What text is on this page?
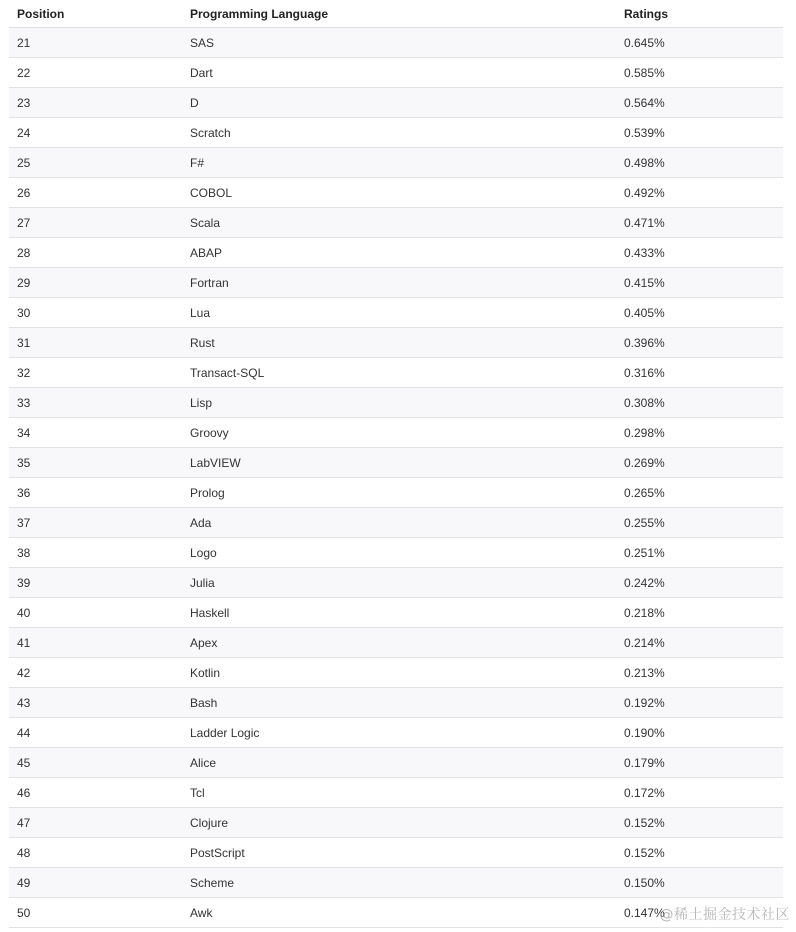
Position	Programming Language	Ratings
21	SAS	0.645%
22	Dart	0.585%
23	D	0.564%
24	Scratch	0.539%
25	F#	0.498%
26	COBOL	0.492%
27	Scala	0.471%
28	ABAP	0.433%
29	Fortran	0.415%
30	Lua	0.405%
31	Rust	0.396%
32	Transact-SQL	0.316%
33	Lisp	0.308%
34	Groovy	0.298%
35	LabVIEW	0.269%
36	Prolog	0.265%
37	Ada	0.255%
38	Logo	0.251%
39	Julia	0.242%
40	Haskell	0.218%
41	Apex	0.214%
42	Kotlin	0.213%
43	Bash	0.192%
44	Ladder Logic	0.190%
45	Alice	0.179%
46	Tcl	0.172%
47	Clojure	0.152%
48	PostScript	0.152%
49	Scheme	0.150%
50	Awk	0.147%
@稀土掘金技术社区
